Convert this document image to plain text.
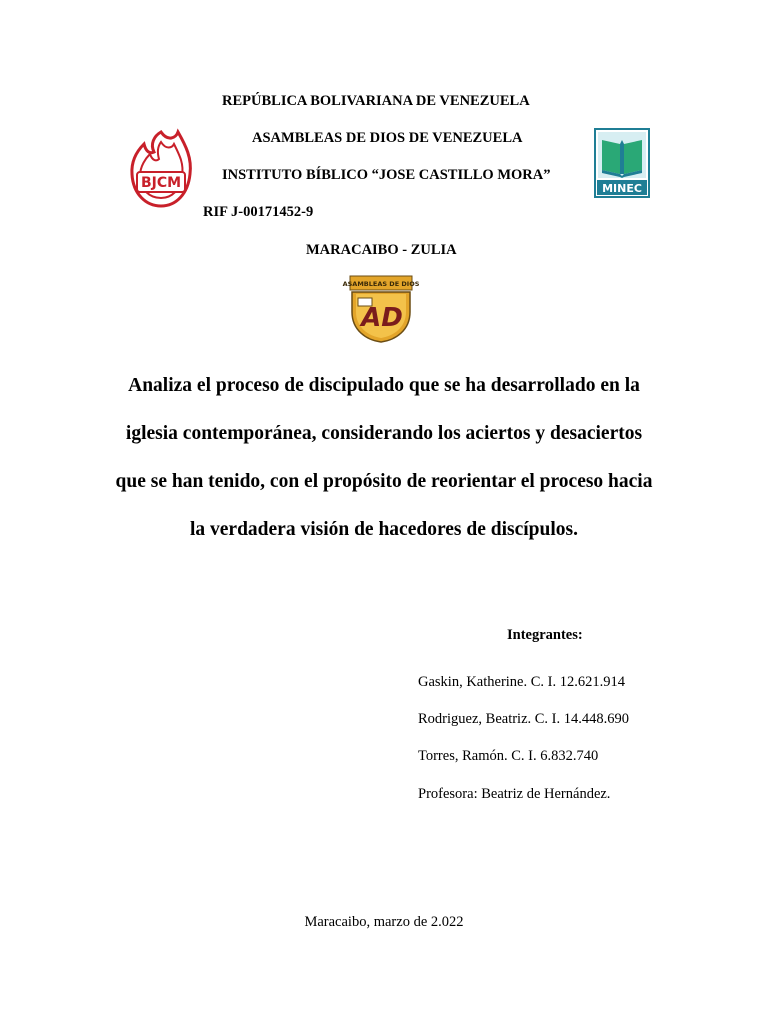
REPÚBLICA BOLIVARIANA DE VENEZUELA
ASAMBLEAS DE DIOS DE VENEZUELA
INSTITUTO BÍBLICO “JOSE CASTILLO MORA”
RIF J-00171452-9
MARACAIBO - ZULIA
BJCM	MINEC
ASAMBLEAS DE DIOS
AD
Analiza el proceso de discipulado que se ha desarrollado en la
iglesia contemporánea, considerando los aciertos y desaciertos
que se han tenido, con el propósito de reorientar el proceso hacia
la verdadera visión de hacedores de discípulos.
Integrantes:
Gaskin, Katherine. C. I. 12.621.914
Rodriguez, Beatriz. C. I. 14.448.690
Torres, Ramón. C. I. 6.832.740
Profesora: Beatriz de Hernández.
Maracaibo, marzo de 2.022
